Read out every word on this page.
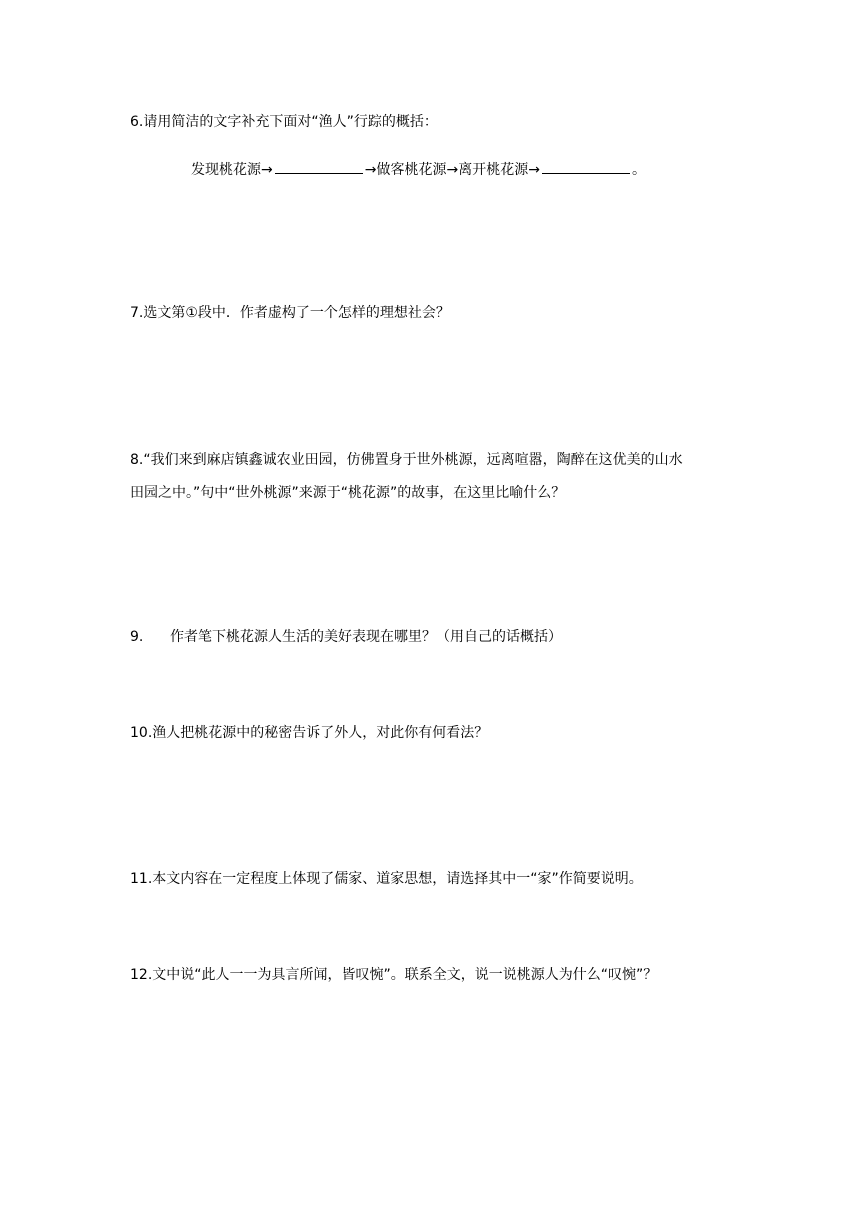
6.请用简洁的文字补充下面对“渔人”行踪的概括：
发现桃花源→	→做客桃花源→离开桃花源→	。
7.选文第①段中．作者虚构了一个怎样的理想社会？
8.“我们来到麻店镇鑫诚农业田园，仿佛置身于世外桃源，远离喧嚣，陶醉在这优美的山水
田园之中。”句中“世外桃源”来源于“桃花源”的故事，在这里比喻什么？
9. 作者笔下桃花源人生活的美好表现在哪里？（用自己的话概括）
10.渔人把桃花源中的秘密告诉了外人，对此你有何看法？
11.本文内容在一定程度上体现了儒家、道家思想，请选择其中一“家”作简要说明。
12.文中说“此人一一为具言所闻，皆叹惋”。联系全文，说一说桃源人为什么“叹惋”？
